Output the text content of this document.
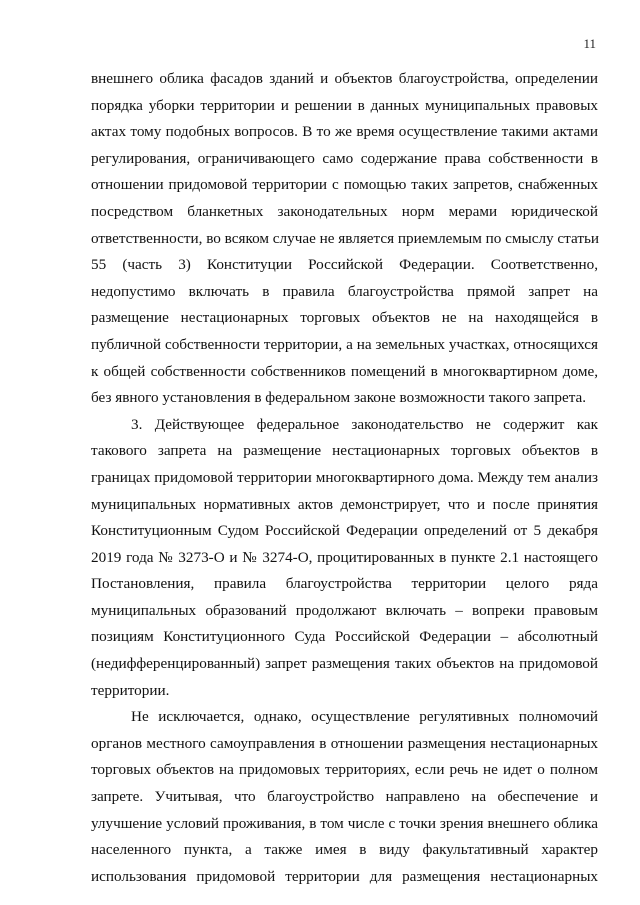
11
внешнего облика фасадов зданий и объектов благоустройства, определении
порядка уборки территории и решении в данных муниципальных правовых
актах тому подобных вопросов. В то же время осуществление такими актами
регулирования, ограничивающего само содержание права собственности в
отношении придомовой территории с помощью таких запретов, снабженных
посредством бланкетных законодательных норм мерами юридической
ответственности, во всяком случае не является приемлемым по смыслу статьи
55 (часть 3) Конституции Российской Федерации. Соответственно,
недопустимо включать в правила благоустройства прямой запрет на
размещение нестационарных торговых объектов не на находящейся в
публичной собственности территории, а на земельных участках, относящихся
к общей собственности собственников помещений в многоквартирном доме,
без явного установления в федеральном законе возможности такого запрета.
3. Действующее федеральное законодательство не содержит как
такового запрета на размещение нестационарных торговых объектов в
границах придомовой территории многоквартирного дома. Между тем анализ
муниципальных нормативных актов демонстрирует, что и после принятия
Конституционным Судом Российской Федерации определений от 5 декабря
2019 года № 3273-О и № 3274-О, процитированных в пункте 2.1 настоящего
Постановления, правила благоустройства территории целого ряда
муниципальных образований продолжают включать – вопреки правовым
позициям Конституционного Суда Российской Федерации – абсолютный
(недифференцированный) запрет размещения таких объектов на придомовой
территории.
Не исключается, однако, осуществление регулятивных полномочий
органов местного самоуправления в отношении размещения нестационарных
торговых объектов на придомовых территориях, если речь не идет о полном
запрете. Учитывая, что благоустройство направлено на обеспечение и
улучшение условий проживания, в том числе с точки зрения внешнего облика
населенного пункта, а также имея в виду факультативный характер
использования придомовой территории для размещения нестационарных
